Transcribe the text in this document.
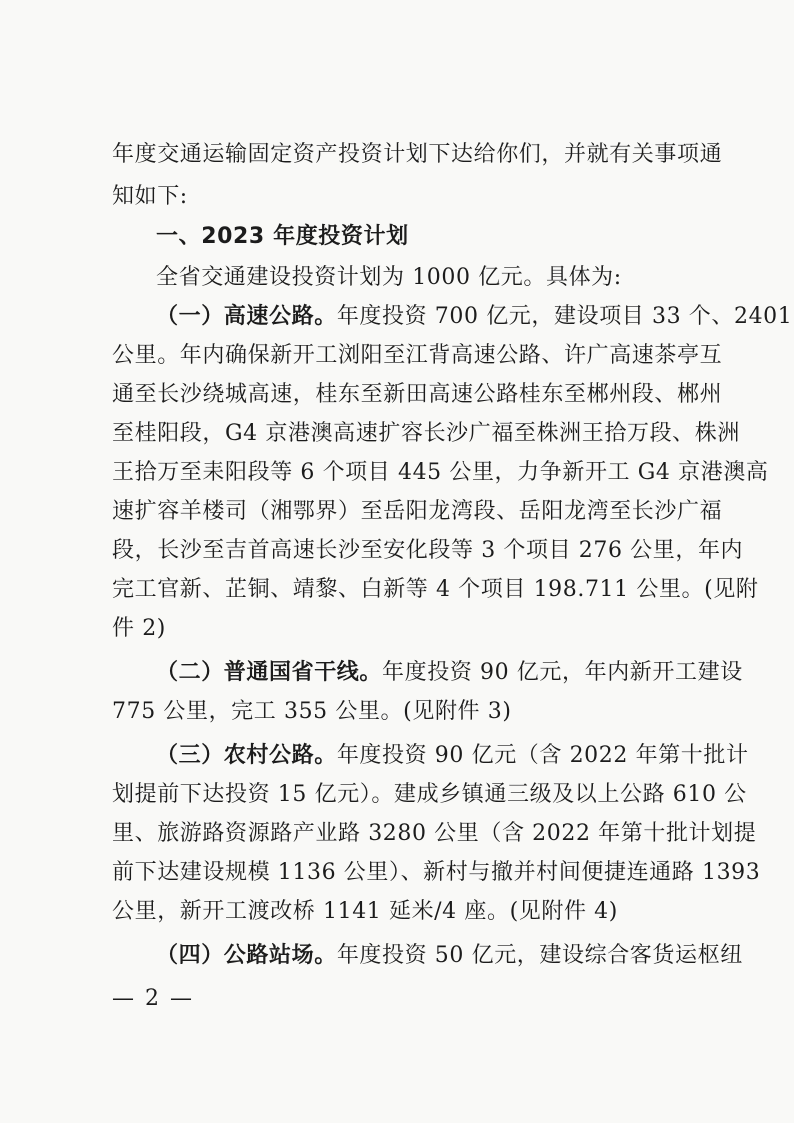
年度交通运输固定资产投资计划下达给你们，并就有关事项通
知如下:
一、2023 年度投资计划
全省交通建设投资计划为 1000 亿元。具体为:
（一）高速公路。年度投资 700 亿元，建设项目 33 个、2401
公里。年内确保新开工浏阳至江背高速公路、许广高速茶亭互
通至长沙绕城高速，桂东至新田高速公路桂东至郴州段、郴州
至桂阳段，G4 京港澳高速扩容长沙广福至株洲王拾万段、株洲
王拾万至耒阳段等 6 个项目 445 公里，力争新开工 G4 京港澳高
速扩容羊楼司（湘鄂界）至岳阳龙湾段、岳阳龙湾至长沙广福
段，长沙至吉首高速长沙至安化段等 3 个项目 276 公里，年内
完工官新、芷铜、靖黎、白新等 4 个项目 198.711 公里。(见附
件 2)
（二）普通国省干线。年度投资 90 亿元，年内新开工建设
775 公里，完工 355 公里。(见附件 3)
（三）农村公路。年度投资 90 亿元（含 2022 年第十批计
划提前下达投资 15 亿元）。建成乡镇通三级及以上公路 610 公
里、旅游路资源路产业路 3280 公里（含 2022 年第十批计划提
前下达建设规模 1136 公里）、新村与撤并村间便捷连通路 1393
公里，新开工渡改桥 1141 延米/4 座。(见附件 4)
（四）公路站场。年度投资 50 亿元，建设综合客货运枢纽
— 2 —
